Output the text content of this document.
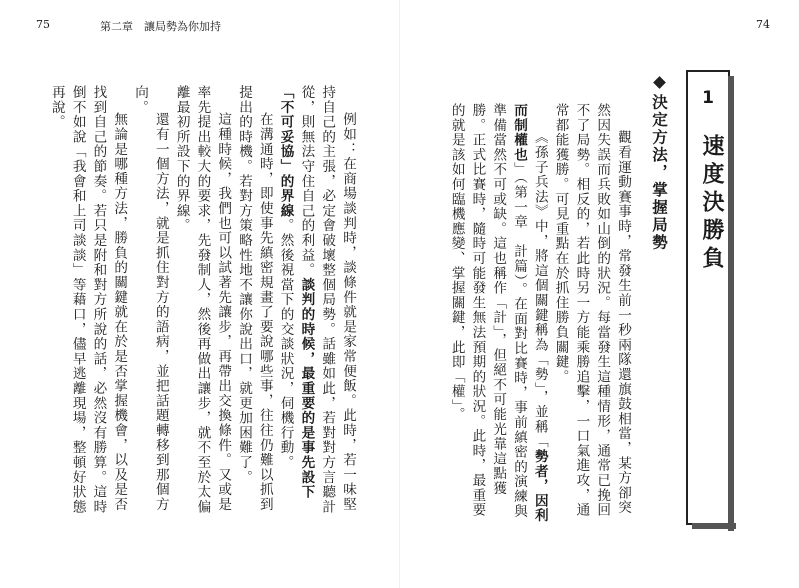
75	第二章　讓局勢為你加持	74
1
速度決勝負
決定方法，掌握局勢

觀看運動賽事時，常發生前一秒兩隊還旗鼓相當，某方卻突然因失誤而兵敗如山倒的狀況。每當發生這種情形，通常已挽回不了局勢。相反的，若此時另一方能乘勝追擊，一口氣進攻，通常都能獲勝。可見重點在於抓住勝負關鍵。

《孫子兵法》中，將這個關鍵稱為「勢」，並稱「勢者，因利而制權也」（第一章　計篇）。在面對比賽時，事前縝密的演練與準備當然不可或缺。這也稱作「計」，但絕不可能光靠這點獲勝。正式比賽時，隨時可能發生無法預期的狀況。此時，最重要的就是該如何臨機應變、掌握關鍵，此即「權」。

例如：在商場談判時，談條件就是家常便飯。此時，若一味堅持自己的主張，必定會破壞整個局勢。話雖如此，若對對方言聽計從，則無法守住自己的利益。談判的時候，最重要的是事先設下「不可妥協」的界線。然後視當下的交談狀況，伺機行動。

在溝通時，即使事先縝密規畫了要說哪些事，往往仍難以抓到提出的時機。若對方策略性地不讓你說出口，就更加困難了。

這種時候，我們也可以試著先讓步，再帶出交換條件。又或是率先提出較大的要求，先發制人，然後再做出讓步，就不至於太偏離最初所設下的界線。

還有一個方法，就是抓住對方的語病，並把話題轉移到那個方向。

無論是哪種方法，勝負的關鍵就在於是否掌握機會，以及是否找到自己的節奏。若只是附和對方所說的話，必然沒有勝算。這時倒不如說「我會和上司談談」等藉口，儘早逃離現場，整頓好狀態再說。
